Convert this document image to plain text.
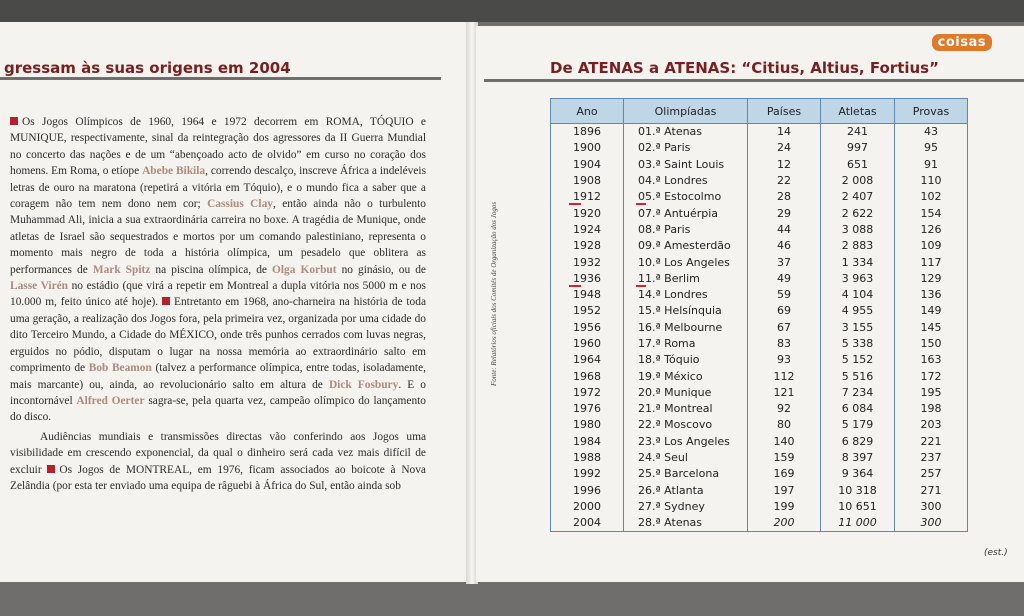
gressam às suas origens em 2004

Os Jogos Olímpicos de 1960, 1964 e 1972 decorrem em ROMA, TÓQUIO e MUNIQUE, respectivamente, sinal da reintegração dos agressores da II Guerra Mundial no concerto das nações e de um “abençoado acto de olvido” em curso no coração dos homens. Em Roma, o etíope Abebe Bikila, correndo descalço, inscreve África a indeléveis letras de ouro na maratona (repetirá a vitória em Tóquio), e o mundo fica a saber que a coragem não tem nem dono nem cor; Cassius Clay, então ainda não o turbulento Muhammad Ali, inicia a sua extraordinária carreira no boxe. A tragédia de Munique, onde atletas de Israel são sequestrados e mortos por um comando palestiniano, representa o momento mais negro de toda a história olímpica, um pesadelo que oblitera as performances de Mark Spitz na piscina olímpica, de Olga Korbut no ginásio, ou de Lasse Virén no estádio (que virá a repetir em Montreal a dupla vitória nos 5000 m e nos 10.000 m, feito único até hoje). Entretanto em 1968, ano-charneira na história de toda uma geração, a realização dos Jogos fora, pela primeira vez, organizada por uma cidade do dito Terceiro Mundo, a Cidade do MÉXICO, onde três punhos cerrados com luvas negras, erguidos no pódio, disputam o lugar na nossa memória ao extraordinário salto em comprimento de Bob Beamon (talvez a performance olímpica, entre todas, isoladamente, mais marcante) ou, ainda, ao revolucionário salto em altura de Dick Fosbury. E o incontornável Alfred Oerter sagra-se, pela quarta vez, campeão olímpico do lançamento do disco.

Audiências mundiais e transmissões directas vão conferindo aos Jogos uma visibilidade em crescendo exponencial, da qual o dinheiro será cada vez mais difícil de excluir Os Jogos de MONTREAL, em 1976, ficam associados ao boicote à Nova Zelândia (por esta ter enviado uma equipa de râguebi à África do Sul, então ainda sob

coisas
De ATENAS a ATENAS: “Citius, Altius, Fortius”
Fonte: Relatórios oficiais dos Comités de Organização dos Jogos
Ano	Olimpíadas	Países	Atletas	Provas
1896	01.ª Atenas	14	241	43
1900	02.ª Paris	24	997	95
1904	03.ª Saint Louis	12	651	91
1908	04.ª Londres	22	2 008	110
1912	05.ª Estocolmo	28	2 407	102
1920	07.ª Antuérpia	29	2 622	154
1924	08.ª Paris	44	3 088	126
1928	09.ª Amesterdão	46	2 883	109
1932	10.ª Los Angeles	37	1 334	117
1936	11.ª Berlim	49	3 963	129
1948	14.ª Londres	59	4 104	136
1952	15.ª Helsínquia	69	4 955	149
1956	16.ª Melbourne	67	3 155	145
1960	17.ª Roma	83	5 338	150
1964	18.ª Tóquio	93	5 152	163
1968	19.ª México	112	5 516	172
1972	20.ª Munique	121	7 234	195
1976	21.ª Montreal	92	6 084	198
1980	22.ª Moscovo	80	5 179	203
1984	23.ª Los Angeles	140	6 829	221
1988	24.ª Seul	159	8 397	237
1992	25.ª Barcelona	169	9 364	257
1996	26.ª Atlanta	197	10 318	271
2000	27.ª Sydney	199	10 651	300
2004	28.ª Atenas	200	11 000	300
(est.)
